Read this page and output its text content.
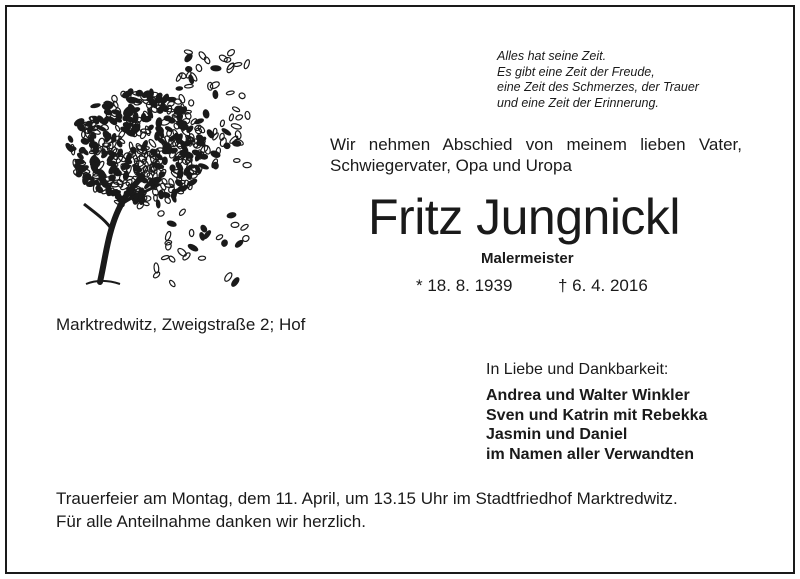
Alles hat seine Zeit.
Es gibt eine Zeit der Freude,
eine Zeit des Schmerzes, der Trauer
und eine Zeit der Erinnerung.
Wir nehmen Abschied von meinem lieben Vater,
Schwiegervater, Opa und Uropa
Fritz Jungnickl
Malermeister
* 18. 8. 1939	† 6. 4. 2016
Marktredwitz, Zweigstraße 2; Hof
In Liebe und Dankbarkeit:
Andrea und Walter Winkler
Sven und Katrin mit Rebekka
Jasmin und Daniel
im Namen aller Verwandten
Trauerfeier am Montag, dem 11. April, um 13.15 Uhr im Stadtfriedhof Marktredwitz.
Für alle Anteilnahme danken wir herzlich.
